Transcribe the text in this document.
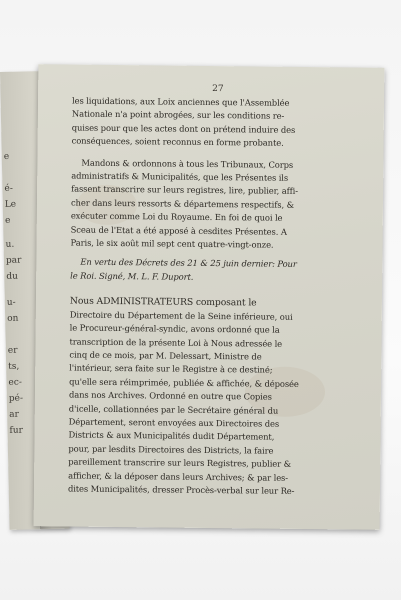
e
é-
Le
e
u.
par
du
u-
on
er
ts,
ec-
pé-
ar
fur
27

les liquidations, aux Loix anciennes que l'Assemblée
Nationale n'a point abrogées, sur les conditions re-
quises pour que les actes dont on prétend induire des
conséquences, soient reconnus en forme probante.

Mandons & ordonnons à tous les Tribunaux, Corps
administratifs & Municipalités, que les Présentes ils
fassent transcrire sur leurs registres, lire, publier, affi-
cher dans leurs ressorts & départemens respectifs, &
exécuter comme Loi du Royaume. En foi de quoi le
Sceau de l'Etat a été apposé à cesdites Présentes. A
Paris, le six août mil sept cent quatre-vingt-onze.

En vertu des Décrets des 21 & 25 juin dernier: Pour
le Roi. Signé, M. L. F. Duport.

Nous ADMINISTRATEURS composant le
Directoire du Département de la Seine inférieure, oui
le Procureur-général-syndic, avons ordonné que la
transcription de la présente Loi à Nous adressée le
cinq de ce mois, par M. Delessart, Ministre de
l'intérieur, sera faite sur le Registre à ce destiné;
qu'elle sera réimprimée, publiée & affichée, & déposée
dans nos Archives. Ordonné en outre que Copies
d'icelle, collationnées par le Secrétaire général du
Département, seront envoyées aux Directoires des
Districts & aux Municipalités dudit Département,
pour, par lesdits Directoires des Districts, la faire
pareillement transcrire sur leurs Registres, publier &
afficher, & la déposer dans leurs Archives; & par les-
dites Municipalités, dresser Procès-verbal sur leur Re-
